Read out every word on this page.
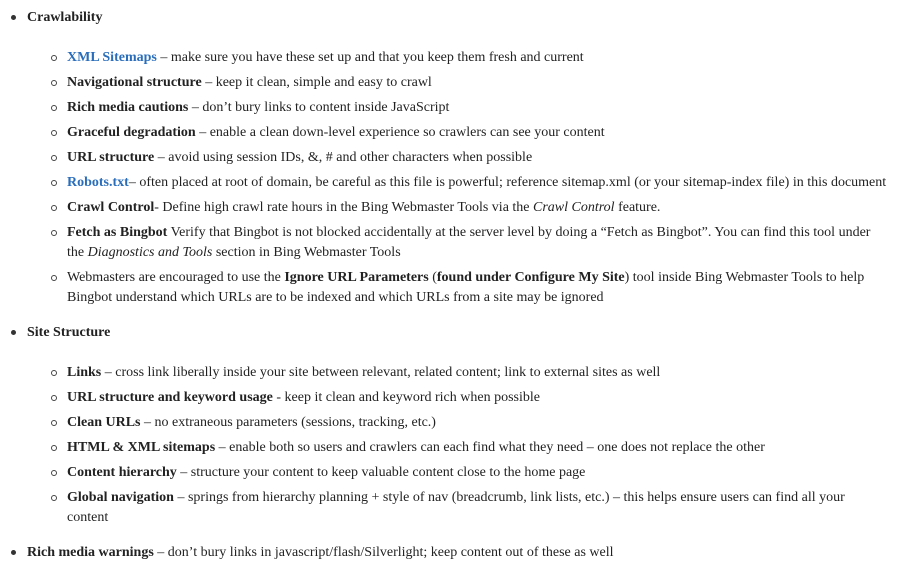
Crawlability
XML Sitemaps – make sure you have these set up and that you keep them fresh and current
Navigational structure – keep it clean, simple and easy to crawl
Rich media cautions – don’t bury links to content inside JavaScript
Graceful degradation – enable a clean down-level experience so crawlers can see your content
URL structure – avoid using session IDs, &, # and other characters when possible
Robots.txt– often placed at root of domain, be careful as this file is powerful; reference sitemap.xml (or your sitemap-index file) in this document
Crawl Control- Define high crawl rate hours in the Bing Webmaster Tools via the Crawl Control feature.
Fetch as Bingbot Verify that Bingbot is not blocked accidentally at the server level by doing a “Fetch as Bingbot”. You can find this tool under the Diagnostics and Tools section in Bing Webmaster Tools
Webmasters are encouraged to use the Ignore URL Parameters (found under Configure My Site) tool inside Bing Webmaster Tools to help Bingbot understand which URLs are to be indexed and which URLs from a site may be ignored
Site Structure
Links – cross link liberally inside your site between relevant, related content; link to external sites as well
URL structure and keyword usage - keep it clean and keyword rich when possible
Clean URLs – no extraneous parameters (sessions, tracking, etc.)
HTML & XML sitemaps – enable both so users and crawlers can each find what they need – one does not replace the other
Content hierarchy – structure your content to keep valuable content close to the home page
Global navigation – springs from hierarchy planning + style of nav (breadcrumb, link lists, etc.) – this helps ensure users can find all your content
Rich media warnings – don’t bury links in javascript/flash/Silverlight; keep content out of these as well
